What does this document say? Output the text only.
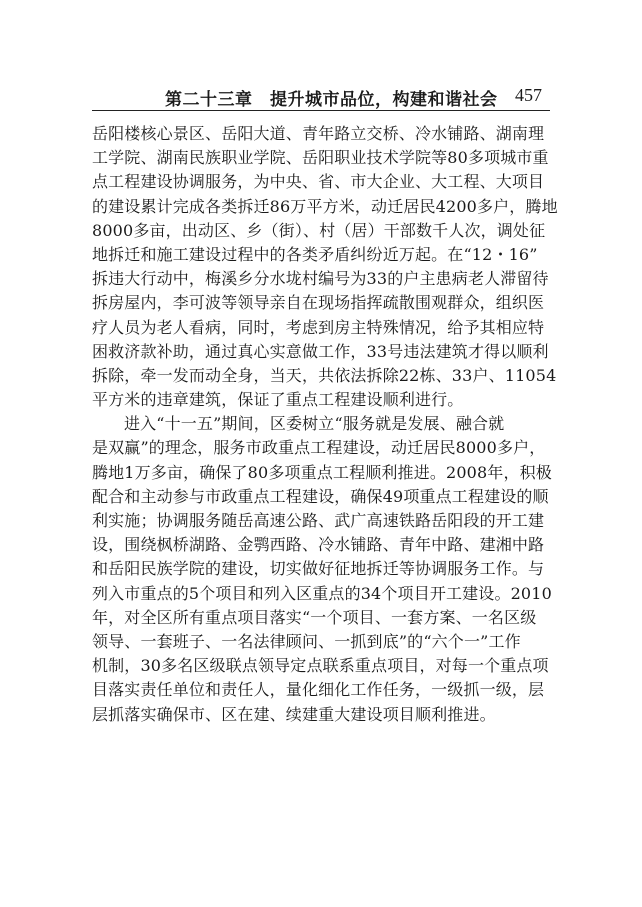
第二十三章　提升城市品位，构建和谐社会 457
岳阳楼核心景区、岳阳大道、青年路立交桥、冷水铺路、湖南理
工学院、湖南民族职业学院、岳阳职业技术学院等80多项城市重
点工程建设协调服务，为中央、省、市大企业、大工程、大项目
的建设累计完成各类拆迁86万平方米，动迁居民4200多户，腾地
8000多亩，出动区、乡（街）、村（居）干部数千人次，调处征
地拆迁和施工建设过程中的各类矛盾纠纷近万起。在“12・16”
拆违大行动中，梅溪乡分水垅村编号为33的户主患病老人滞留待
拆房屋内，李可波等领导亲自在现场指挥疏散围观群众，组织医
疗人员为老人看病，同时，考虑到房主特殊情况，给予其相应特
困救济款补助，通过真心实意做工作，33号违法建筑才得以顺利
拆除，牵一发而动全身，当天，共依法拆除22栋、33户、11054
平方米的违章建筑，保证了重点工程建设顺利进行。
进入“十一五”期间，区委树立“服务就是发展、融合就
是双赢”的理念，服务市政重点工程建设，动迁居民8000多户，
腾地1万多亩，确保了80多项重点工程顺利推进。2008年，积极
配合和主动参与市政重点工程建设，确保49项重点工程建设的顺
利实施；协调服务随岳高速公路、武广高速铁路岳阳段的开工建
设，围绕枫桥湖路、金鹗西路、冷水铺路、青年中路、建湘中路
和岳阳民族学院的建设，切实做好征地拆迁等协调服务工作。与
列入市重点的5个项目和列入区重点的34个项目开工建设。2010
年，对全区所有重点项目落实“一个项目、一套方案、一名区级
领导、一套班子、一名法律顾问、一抓到底”的“六个一”工作
机制，30多名区级联点领导定点联系重点项目，对每一个重点项
目落实责任单位和责任人，量化细化工作任务，一级抓一级，层
层抓落实确保市、区在建、续建重大建设项目顺利推进。
